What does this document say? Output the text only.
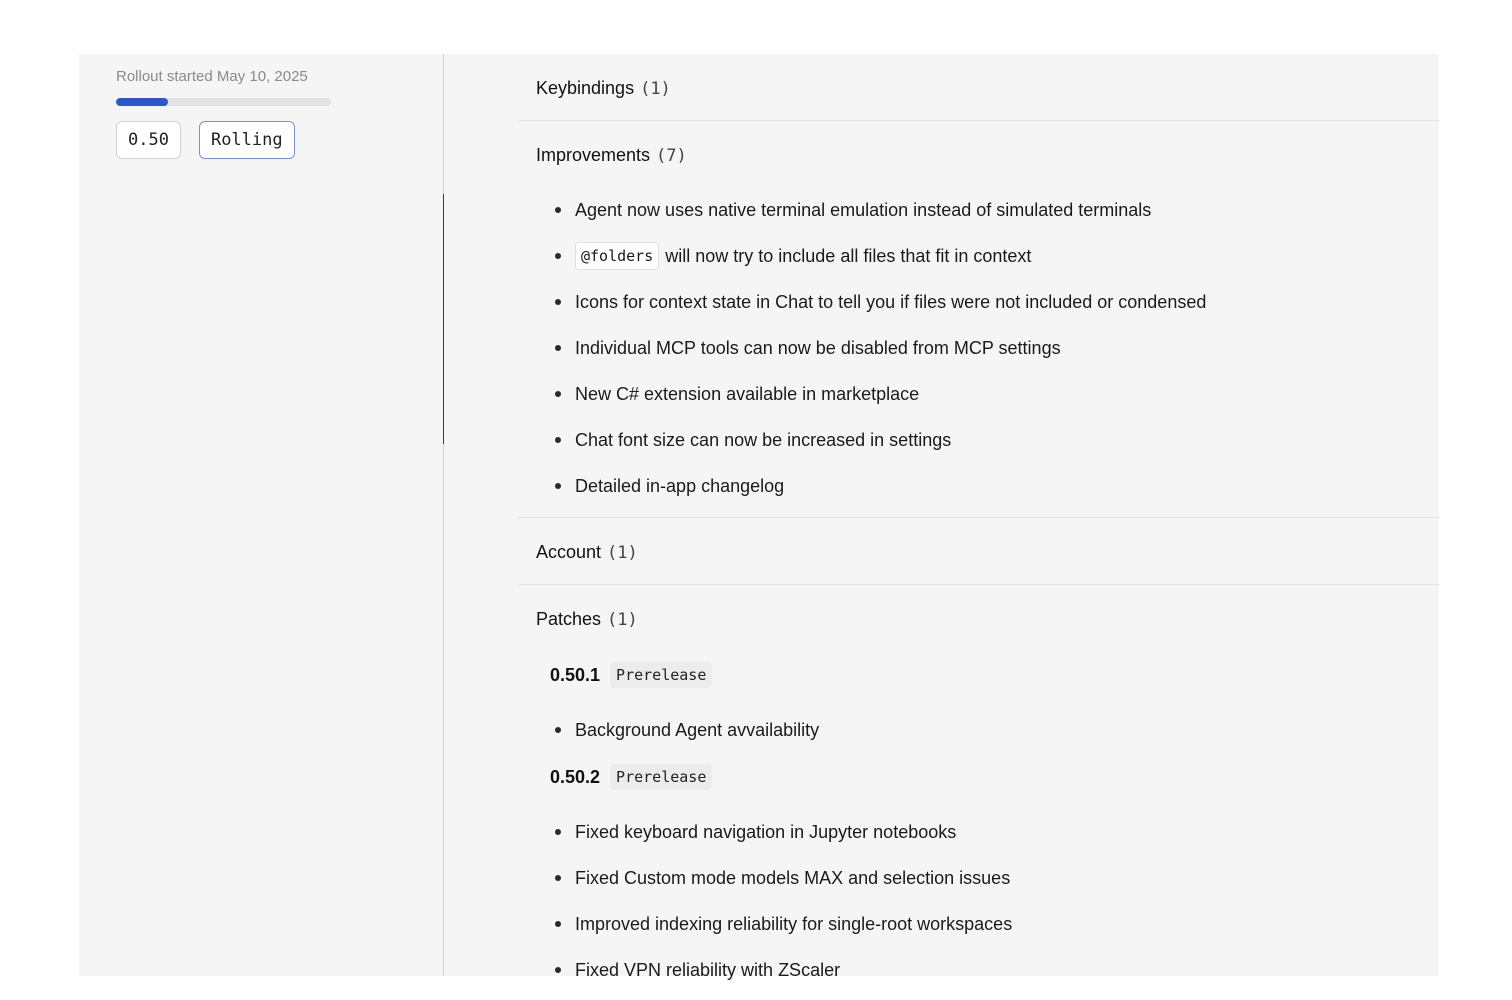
Rollout started May 10, 2025
0.50	Rolling
Keybindings (1)
Improvements (7)
Agent now uses native terminal emulation instead of simulated terminals
@folders will now try to include all files that fit in context
Icons for context state in Chat to tell you if files were not included or condensed
Individual MCP tools can now be disabled from MCP settings
New C# extension available in marketplace
Chat font size can now be increased in settings
Detailed in-app changelog
Account (1)
Patches (1)
0.50.1	Prerelease
Background Agent avvailability
0.50.2	Prerelease
Fixed keyboard navigation in Jupyter notebooks
Fixed Custom mode models MAX and selection issues
Improved indexing reliability for single-root workspaces
Fixed VPN reliability with ZScaler
